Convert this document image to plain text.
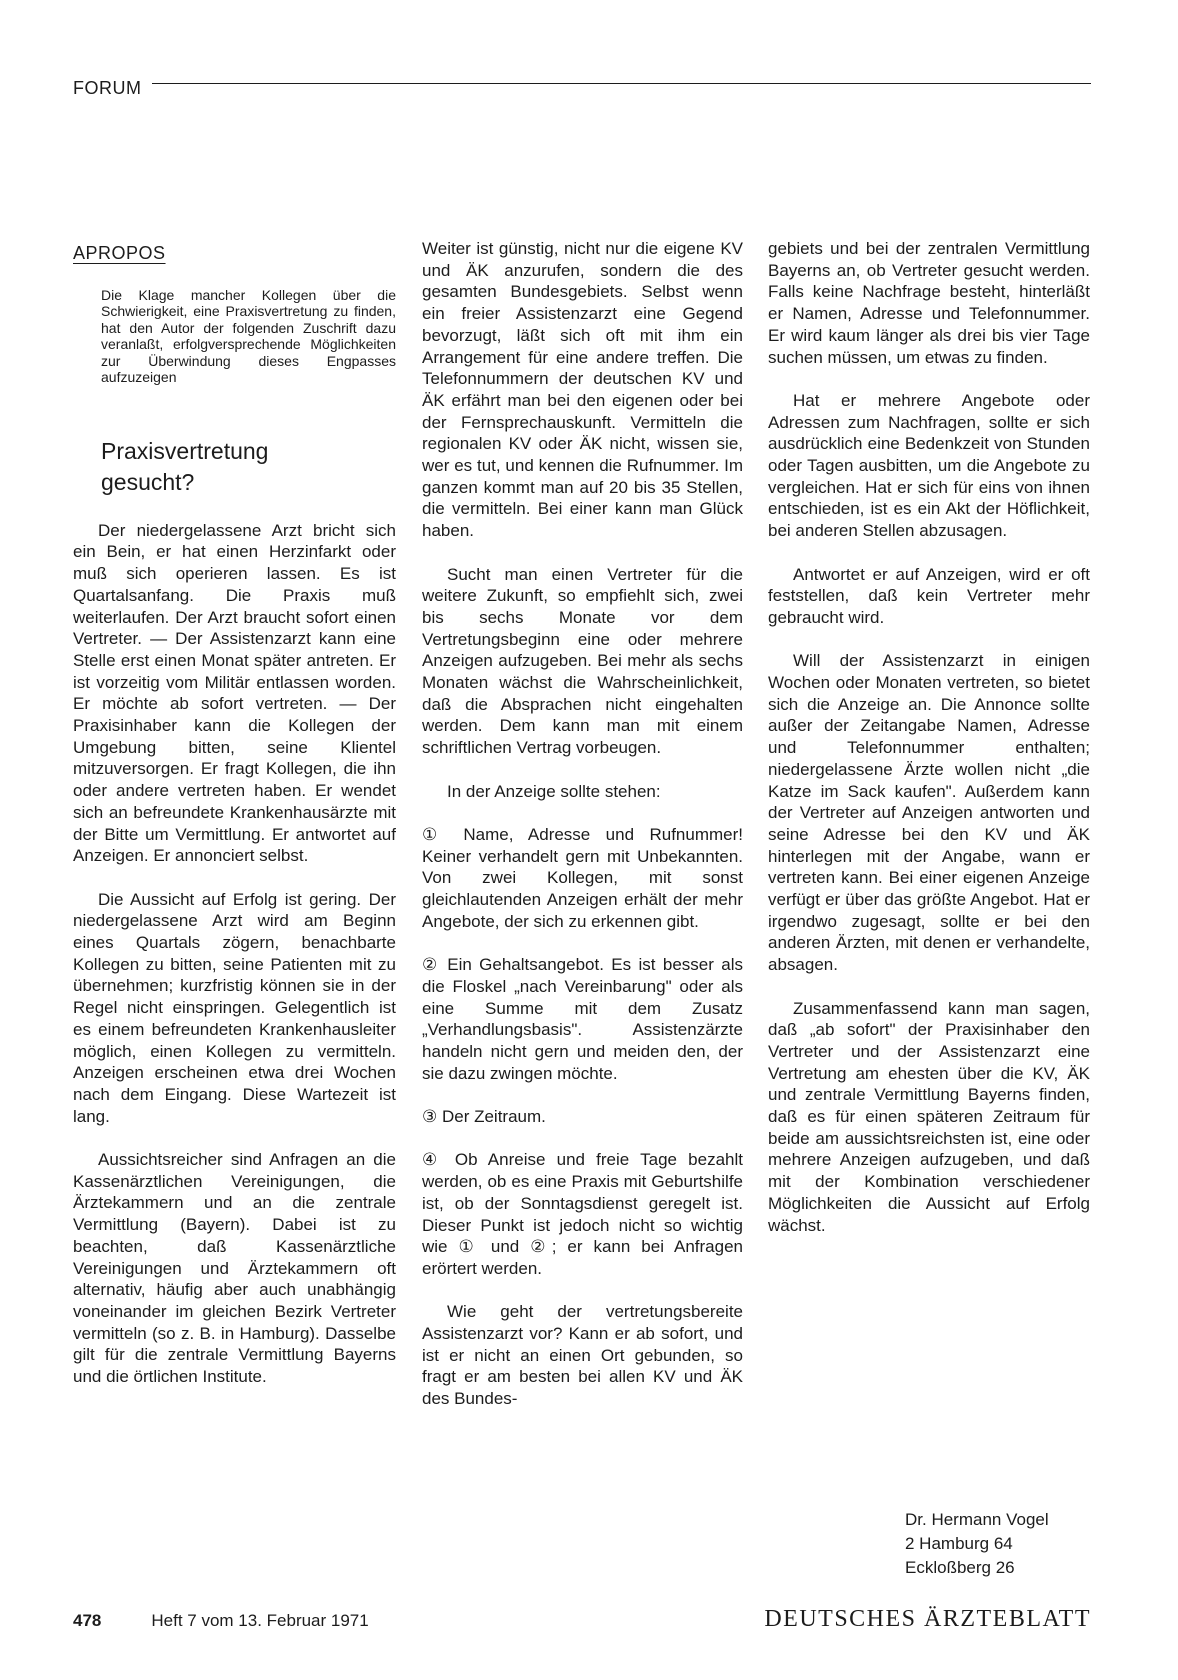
FORUM
APROPOS
Die Klage mancher Kollegen über die Schwierigkeit, eine Praxisvertretung zu finden, hat den Autor der folgenden Zuschrift dazu veranlaßt, erfolgversprechende Möglichkeiten zur Überwindung dieses Engpasses aufzuzeigen
Praxisvertretung
gesucht?

Der niedergelassene Arzt bricht sich ein Bein, er hat einen Herzinfarkt oder muß sich operieren lassen. Es ist Quartalsanfang. Die Praxis muß weiterlaufen. Der Arzt braucht sofort einen Vertreter. — Der Assistenzarzt kann eine Stelle erst einen Monat später antreten. Er ist vorzeitig vom Militär entlassen worden. Er möchte ab sofort vertreten. — Der Praxisinhaber kann die Kollegen der Umgebung bitten, seine Klientel mitzuversorgen. Er fragt Kollegen, die ihn oder andere vertreten haben. Er wendet sich an befreundete Krankenhausärzte mit der Bitte um Vermittlung. Er antwortet auf Anzeigen. Er annonciert selbst.

Die Aussicht auf Erfolg ist gering. Der niedergelassene Arzt wird am Beginn eines Quartals zögern, benachbarte Kollegen zu bitten, seine Patienten mit zu übernehmen; kurzfristig können sie in der Regel nicht einspringen. Gelegentlich ist es einem befreundeten Krankenhausleiter möglich, einen Kollegen zu vermitteln. Anzeigen erscheinen etwa drei Wochen nach dem Eingang. Diese Wartezeit ist lang.

Aussichtsreicher sind Anfragen an die Kassenärztlichen Vereinigungen, die Ärztekammern und an die zentrale Vermittlung (Bayern). Dabei ist zu beachten, daß Kassenärztliche Vereinigungen und Ärztekammern oft alternativ, häufig aber auch unabhängig voneinander im gleichen Bezirk Vertreter vermitteln (so z. B. in Hamburg). Dasselbe gilt für die zentrale Vermittlung Bayerns und die örtlichen Institute.

Weiter ist günstig, nicht nur die eigene KV und ÄK anzurufen, sondern die des gesamten Bundesgebiets. Selbst wenn ein freier Assistenzarzt eine Gegend bevorzugt, läßt sich oft mit ihm ein Arrangement für eine andere treffen. Die Telefonnummern der deutschen KV und ÄK erfährt man bei den eigenen oder bei der Fernsprechauskunft. Vermitteln die regionalen KV oder ÄK nicht, wissen sie, wer es tut, und kennen die Rufnummer. Im ganzen kommt man auf 20 bis 35 Stellen, die vermitteln. Bei einer kann man Glück haben.

Sucht man einen Vertreter für die weitere Zukunft, so empfiehlt sich, zwei bis sechs Monate vor dem Vertretungsbeginn eine oder mehrere Anzeigen aufzugeben. Bei mehr als sechs Monaten wächst die Wahrscheinlichkeit, daß die Absprachen nicht eingehalten werden. Dem kann man mit einem schriftlichen Vertrag vorbeugen.

In der Anzeige sollte stehen:

① Name, Adresse und Rufnummer! Keiner verhandelt gern mit Unbekannten. Von zwei Kollegen, mit sonst gleichlautenden Anzeigen erhält der mehr Angebote, der sich zu erkennen gibt.

② Ein Gehaltsangebot. Es ist besser als die Floskel „nach Vereinbarung" oder als eine Summe mit dem Zusatz „Verhandlungsbasis". Assistenzärzte handeln nicht gern und meiden den, der sie dazu zwingen möchte.

③ Der Zeitraum.

④ Ob Anreise und freie Tage bezahlt werden, ob es eine Praxis mit Geburtshilfe ist, ob der Sonntagsdienst geregelt ist. Dieser Punkt ist jedoch nicht so wichtig wie ① und ②; er kann bei Anfragen erörtert werden.

Wie geht der vertretungsbereite Assistenzarzt vor? Kann er ab sofort, und ist er nicht an einen Ort gebunden, so fragt er am besten bei allen KV und ÄK des Bundes-

gebiets und bei der zentralen Vermittlung Bayerns an, ob Vertreter gesucht werden. Falls keine Nachfrage besteht, hinterläßt er Namen, Adresse und Telefonnummer. Er wird kaum länger als drei bis vier Tage suchen müssen, um etwas zu finden.

Hat er mehrere Angebote oder Adressen zum Nachfragen, sollte er sich ausdrücklich eine Bedenkzeit von Stunden oder Tagen ausbitten, um die Angebote zu vergleichen. Hat er sich für eins von ihnen entschieden, ist es ein Akt der Höflichkeit, bei anderen Stellen abzusagen.

Antwortet er auf Anzeigen, wird er oft feststellen, daß kein Vertreter mehr gebraucht wird.

Will der Assistenzarzt in einigen Wochen oder Monaten vertreten, so bietet sich die Anzeige an. Die Annonce sollte außer der Zeitangabe Namen, Adresse und Telefonnummer enthalten; niedergelassene Ärzte wollen nicht „die Katze im Sack kaufen". Außerdem kann der Vertreter auf Anzeigen antworten und seine Adresse bei den KV und ÄK hinterlegen mit der Angabe, wann er vertreten kann. Bei einer eigenen Anzeige verfügt er über das größte Angebot. Hat er irgendwo zugesagt, sollte er bei den anderen Ärzten, mit denen er verhandelte, absagen.

Zusammenfassend kann man sagen, daß „ab sofort" der Praxisinhaber den Vertreter und der Assistenzarzt eine Vertretung am ehesten über die KV, ÄK und zentrale Vermittlung Bayerns finden, daß es für einen späteren Zeitraum für beide am aussichtsreichsten ist, eine oder mehrere Anzeigen aufzugeben, und daß mit der Kombination verschiedener Möglichkeiten die Aussicht auf Erfolg wächst.

Dr. Hermann Vogel
2 Hamburg 64
Eckloßberg 26
478	Heft 7 vom 13. Februar 1971	DEUTSCHES ÄRZTEBLATT
